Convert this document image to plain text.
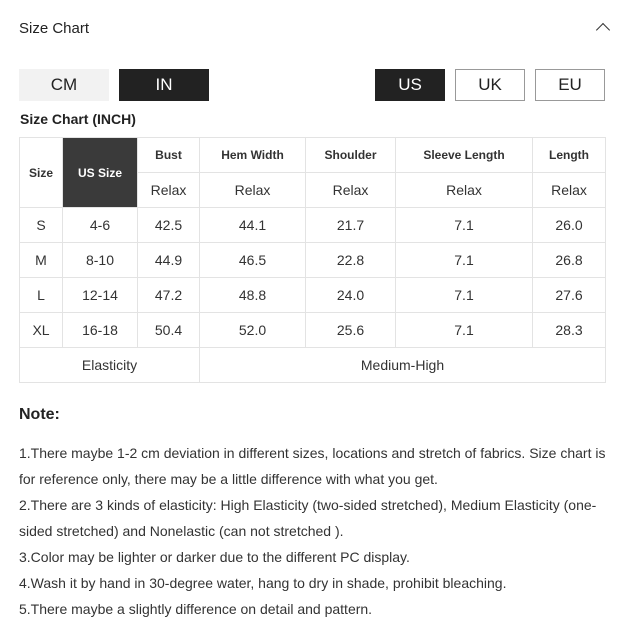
Size Chart
CM	IN	US	UK	EU
Size Chart (INCH)
Size	US Size	Bust	Hem Width	Shoulder	Sleeve Length	Length
		Relax	Relax	Relax	Relax	Relax
S	4-6	42.5	44.1	21.7	7.1	26.0
M	8-10	44.9	46.5	22.8	7.1	26.8
L	12-14	47.2	48.8	24.0	7.1	27.6
XL	16-18	50.4	52.0	25.6	7.1	28.3
Elasticity			Medium-High			
Note:

1.There maybe 1-2 cm deviation in different sizes, locations and stretch of fabrics. Size chart is for reference only, there may be a little difference with what you get.

2.There are 3 kinds of elasticity: High Elasticity (two-sided stretched), Medium Elasticity (one-sided stretched) and Nonelastic (can not stretched ).

3.Color may be lighter or darker due to the different PC display.

4.Wash it by hand in 30-degree water, hang to dry in shade, prohibit bleaching.

5.There maybe a slightly difference on detail and pattern.
